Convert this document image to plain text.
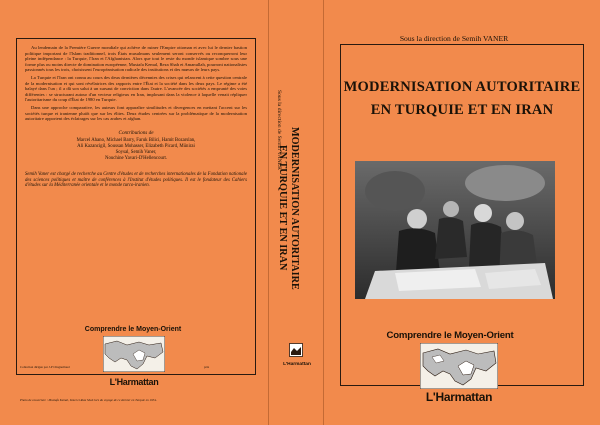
Au lendemain de la Première Guerre mondiale qui achève de ruiner l'Empire ottoman et avec lui le dernier bastion politique important de l'Islam traditionnel, trois États musulmans seulement seront conservés ou reconquerront leur pleine indépendance : la Turquie, l'Iran et l'Afghanistan. Alors que tout le reste du monde islamique sombre sous une forme plus ou moins directe de domination européenne, Mustafa Kemal, Reza Shah et Amanullah, pourront nationalistes passionnés tous les trois, choisissent l'européanisation radicale des institutions et des mœurs de leurs pays.

La Turquie et l'Iran ont connu au cours des deux dernières décennies des crises qui relancent à cette question centrale de la modernisation et qui sont révélatrices des rapports entre l'État et la société dans les deux pays. Le régime a été balayé dans l'un ; il a dû son salut à un sursaut de conviction dans l'autre. L'avancée des sociétés a emprunté des voies différentes : se structurant autour d'un vecteur religieux en Iran, implosant dans la violence à laquelle venait répliquer l'autoritarisme du coup d'État de 1980 en Turquie.

Dans une approche comparative, les auteurs font apparaître similitudes et divergences en mettant l'accent sur les sociétés turque et iranienne plutôt que sur les élites. Deux études centrées sur la problématique de la modernisation autoritaire apportent des éclairages sur les cas arabes et afghan.

Contributions de
Marcel Ahano, Michael Barry, Faruk Bilici, Hamit Bozarslan,
Ali Kazancigil, Soussan Mohasser, Elizabeth Picard, Münirai
Soysal, Semih Vaner,
Nouchine Yavari-D'Hellencourt.
Semih Vaner est chargé de recherche au Centre d'études et de recherches internationales de la Fondation nationale des sciences politiques et maître de conférences à l'Institut d'études politiques. Il est le fondateur des Cahiers d'études sur la Méditerranée orientale et le monde turco-iranien.
Comprendre le Moyen-Orient
L'Harmattan
Collection dirigée par J-P Chagnollaud	prix
Photo de couverture : Mustafa Kemal, Ismet et Rıza Shah lors du voyage de ce dernier en Turquie en 1934.
Sous la direction de Semih VANER MODERNISATION AUTORITAIRE
EN TURQUIE ET EN IRAN
L'Harmattan
Sous la direction de Semih VANER
MODERNISATION AUTORITAIRE
EN TURQUIE ET EN IRAN
Comprendre le Moyen-Orient
L'Harmattan
